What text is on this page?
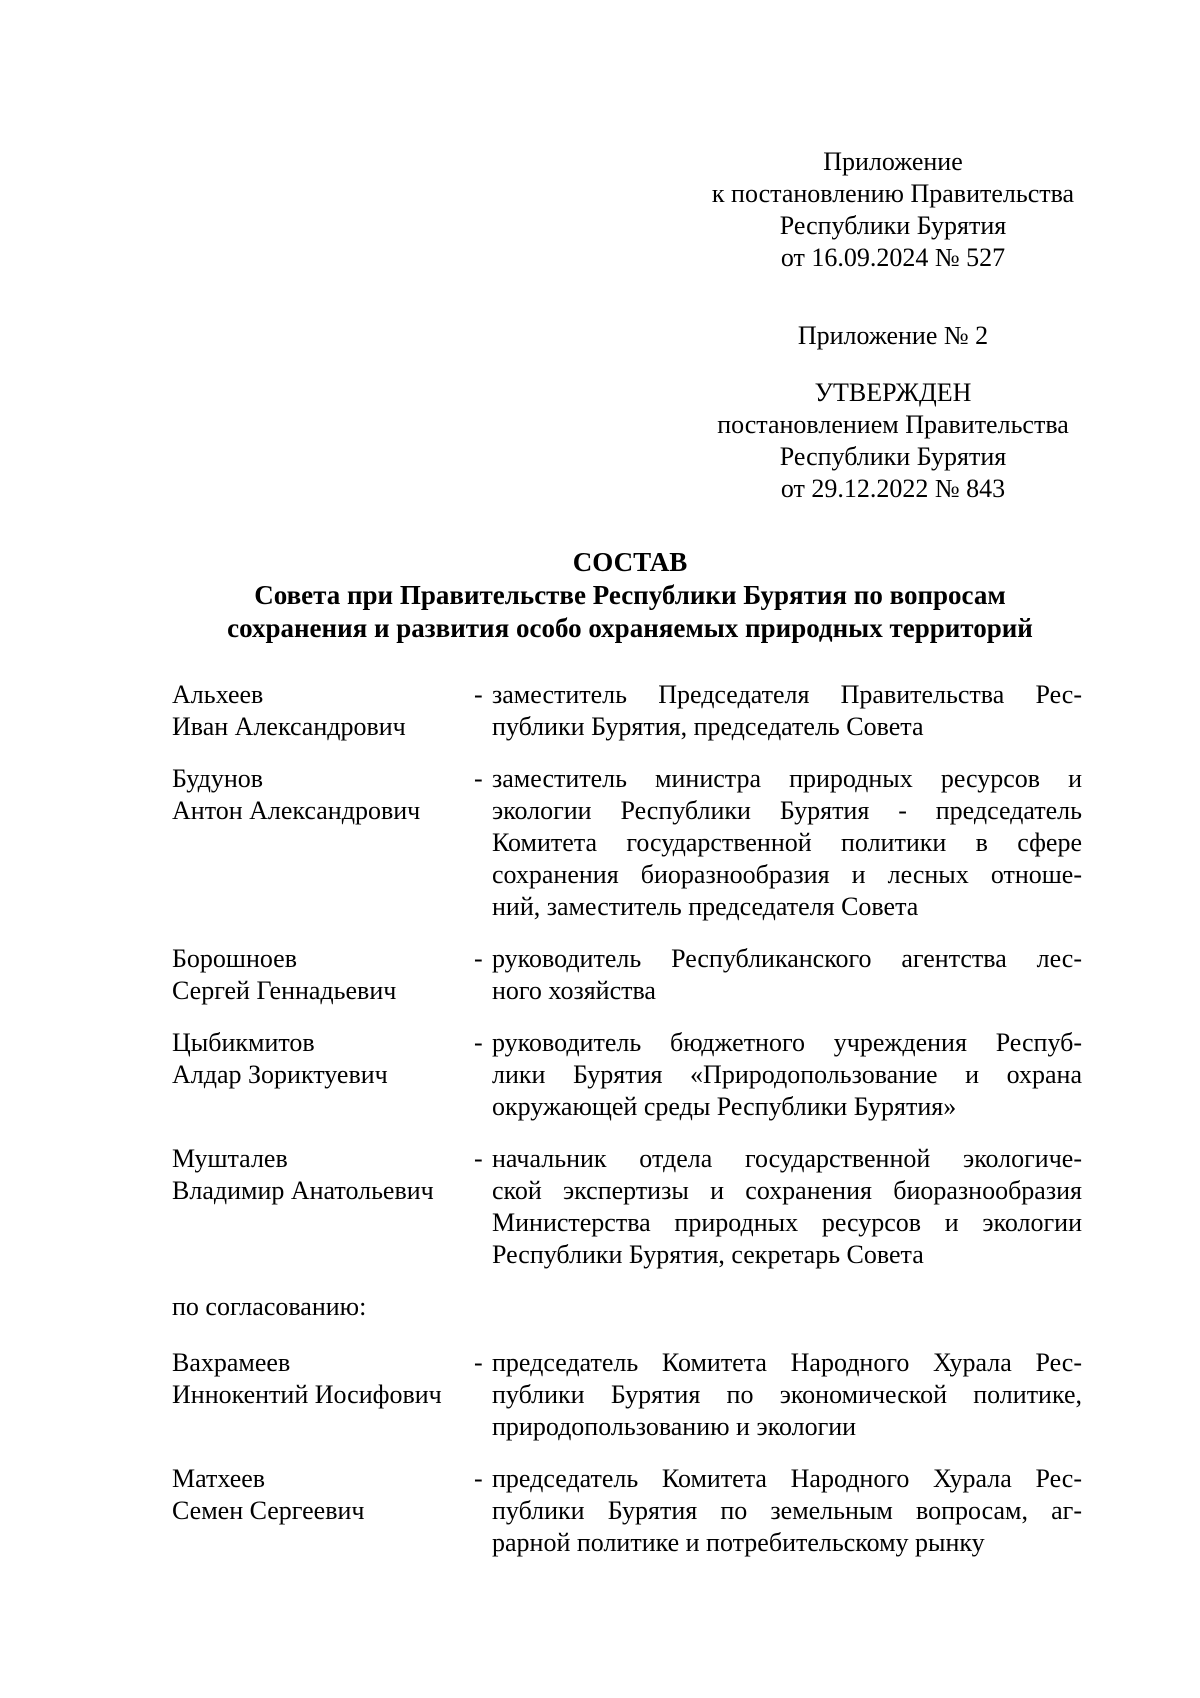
Приложение
к постановлению Правительства
Республики Бурятия
от 16.09.2024 № 527
Приложение № 2
УТВЕРЖДЕН
постановлением Правительства
Республики Бурятия
от 29.12.2022 № 843
СОСТАВ
Совета при Правительстве Республики Бурятия по вопросам
сохранения и развития особо охраняемых природных территорий
Альхеев
Иван Александрович
- заместитель Председателя Правительства Рес-
публики Бурятия, председатель Совета
Будунов
Антон Александрович
- заместитель министра природных ресурсов и
экологии Республики Бурятия - председатель
Комитета государственной политики в сфере
сохранения биоразнообразия и лесных отноше-
ний, заместитель председателя Совета
Борошноев
Сергей Геннадьевич
- руководитель Республиканского агентства лес-
ного хозяйства
Цыбикмитов
Алдар Зориктуевич
- руководитель бюджетного учреждения Респуб-
лики Бурятия «Природопользование и охрана
окружающей среды Республики Бурятия»
Мушталев
Владимир Анатольевич
- начальник отдела государственной экологиче-
ской экспертизы и сохранения биоразнообразия
Министерства природных ресурсов и экологии
Республики Бурятия, секретарь Совета
по согласованию:
Вахрамеев
Иннокентий Иосифович
- председатель Комитета Народного Хурала Рес-
публики Бурятия по экономической политике,
природопользованию и экологии
Матхеев
Семен Сергеевич
- председатель Комитета Народного Хурала Рес-
публики Бурятия по земельным вопросам, аг-
рарной политике и потребительскому рынку
